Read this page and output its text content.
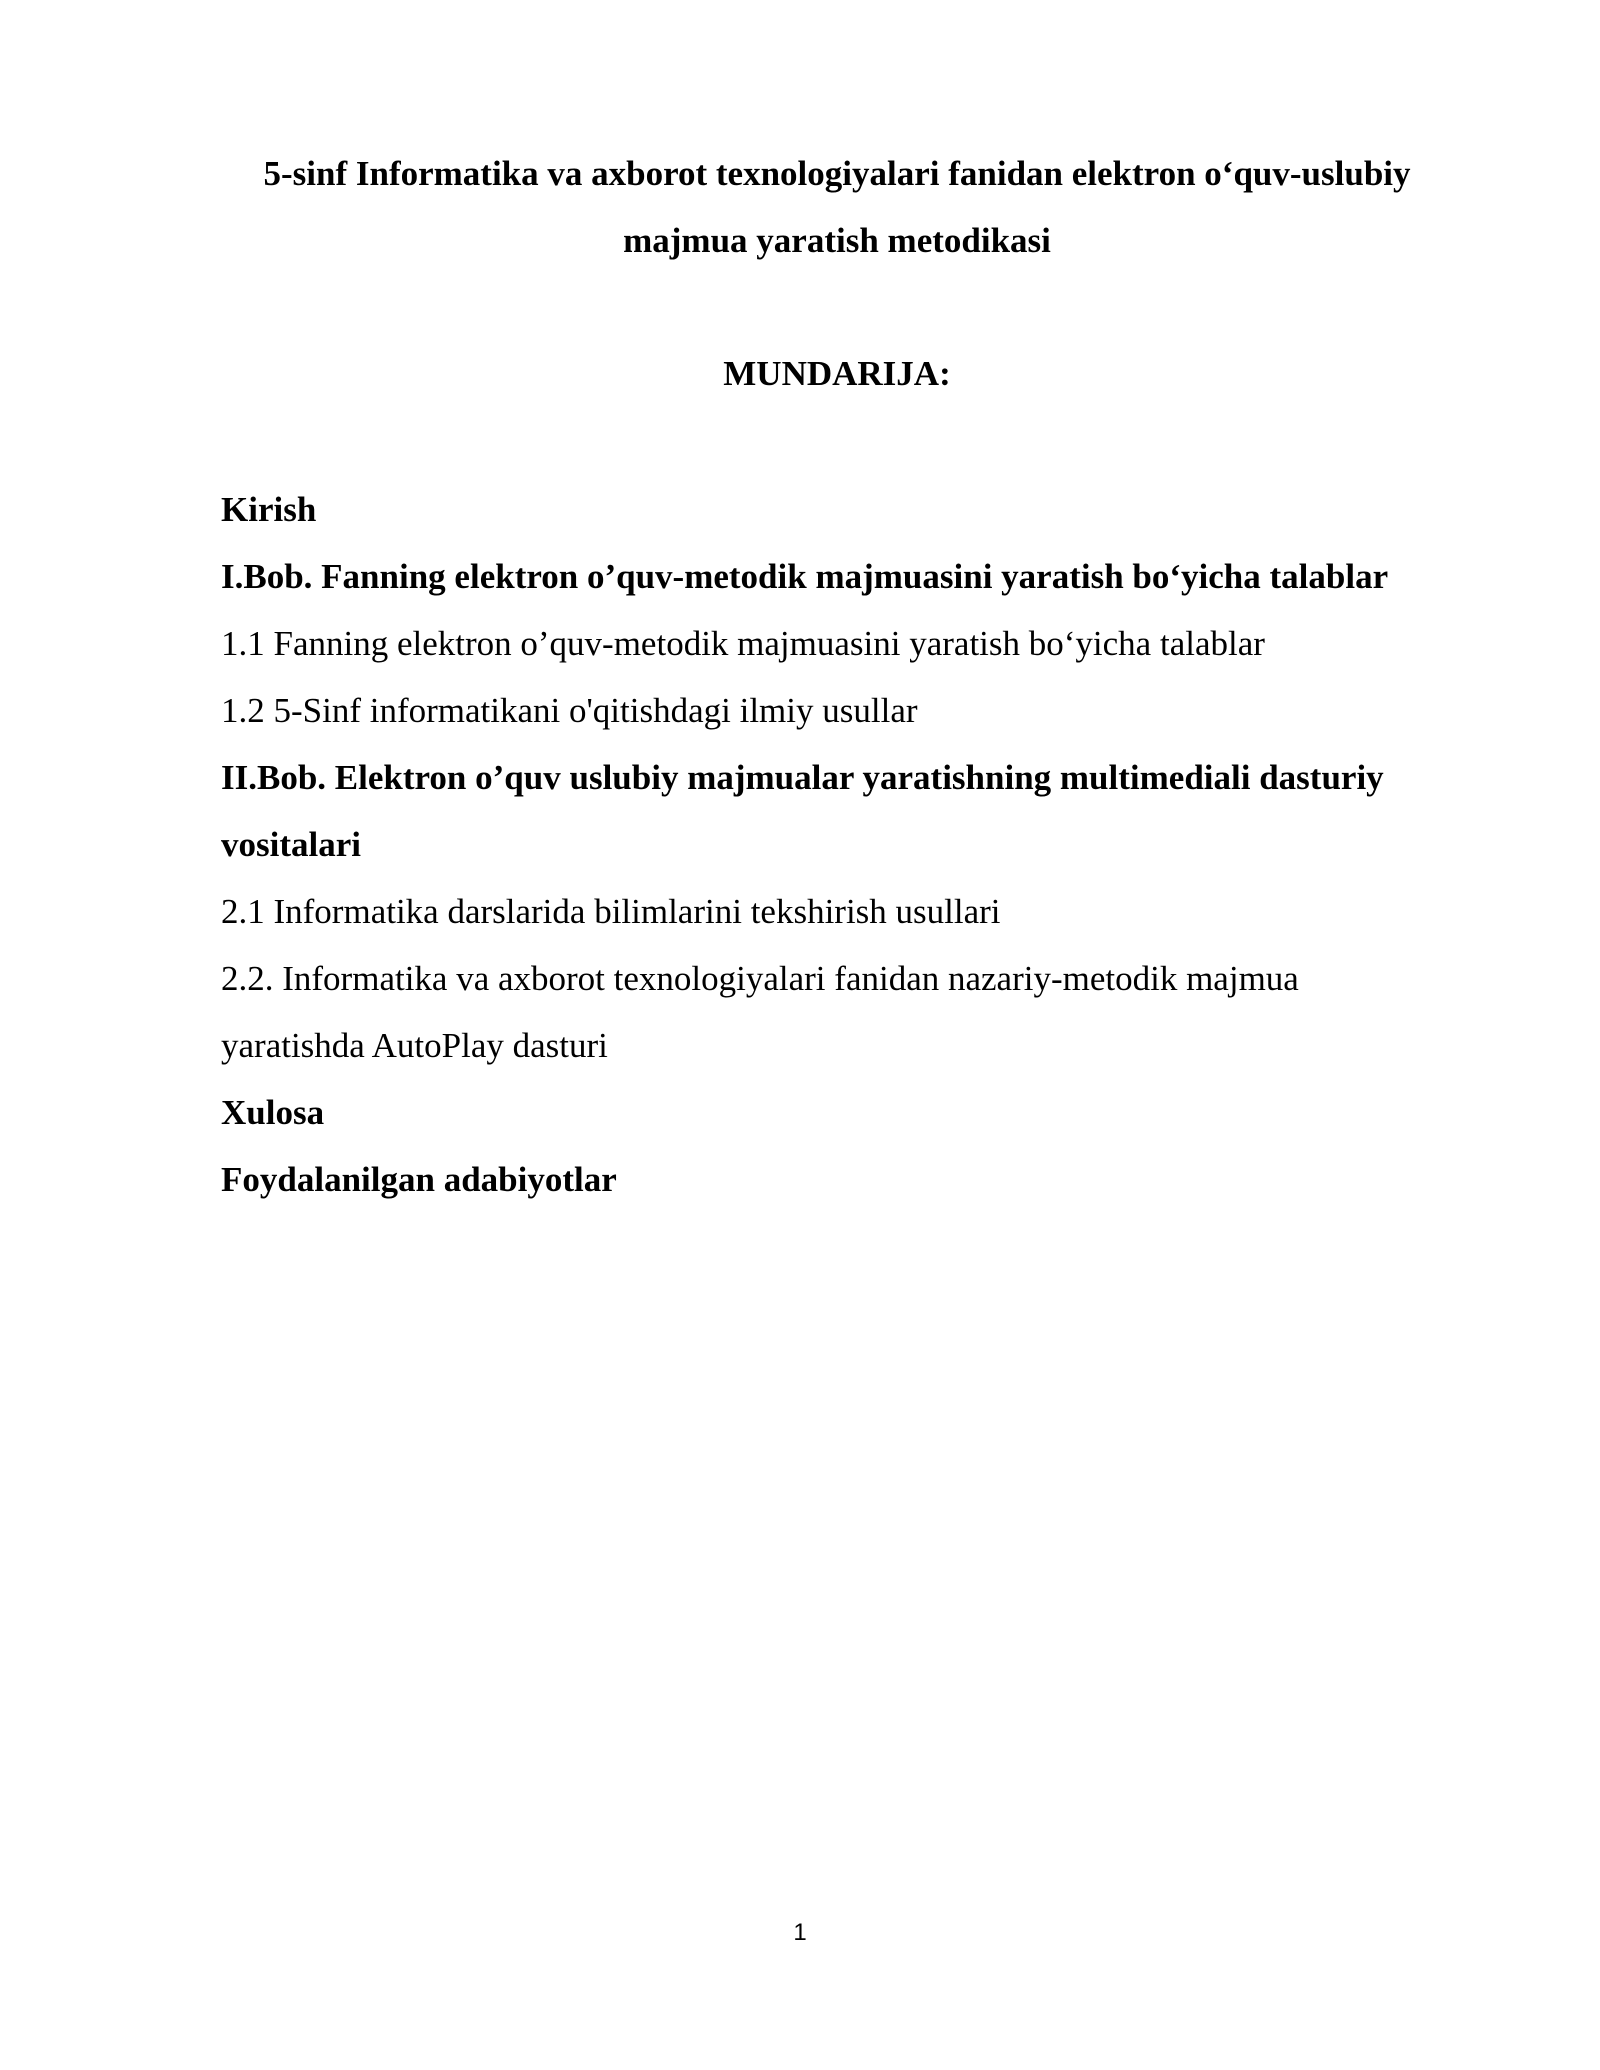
5-sinf Informatika va axborot texnologiyalari fanidan elektron o‘quv-uslubiy majmua yaratish metodikasi
MUNDARIJA:
Kirish
I.Bob. Fanning elektron o’quv-metodik majmuasini yaratish bo‘yicha talablar
1.1 Fanning elektron o’quv-metodik majmuasini yaratish bo‘yicha talablar
1.2 5-Sinf informatikani o'qitishdagi ilmiy usullar
II.Bob. Elektron o’quv uslubiy majmualar yaratishning multimediali dasturiy vositalari
2.1 Informatika darslarida bilimlarini tekshirish usullari
2.2. Informatika va axborot texnologiyalari fanidan nazariy-metodik majmua yaratishda AutoPlay dasturi
Xulosa
Foydalanilgan adabiyotlar
1
